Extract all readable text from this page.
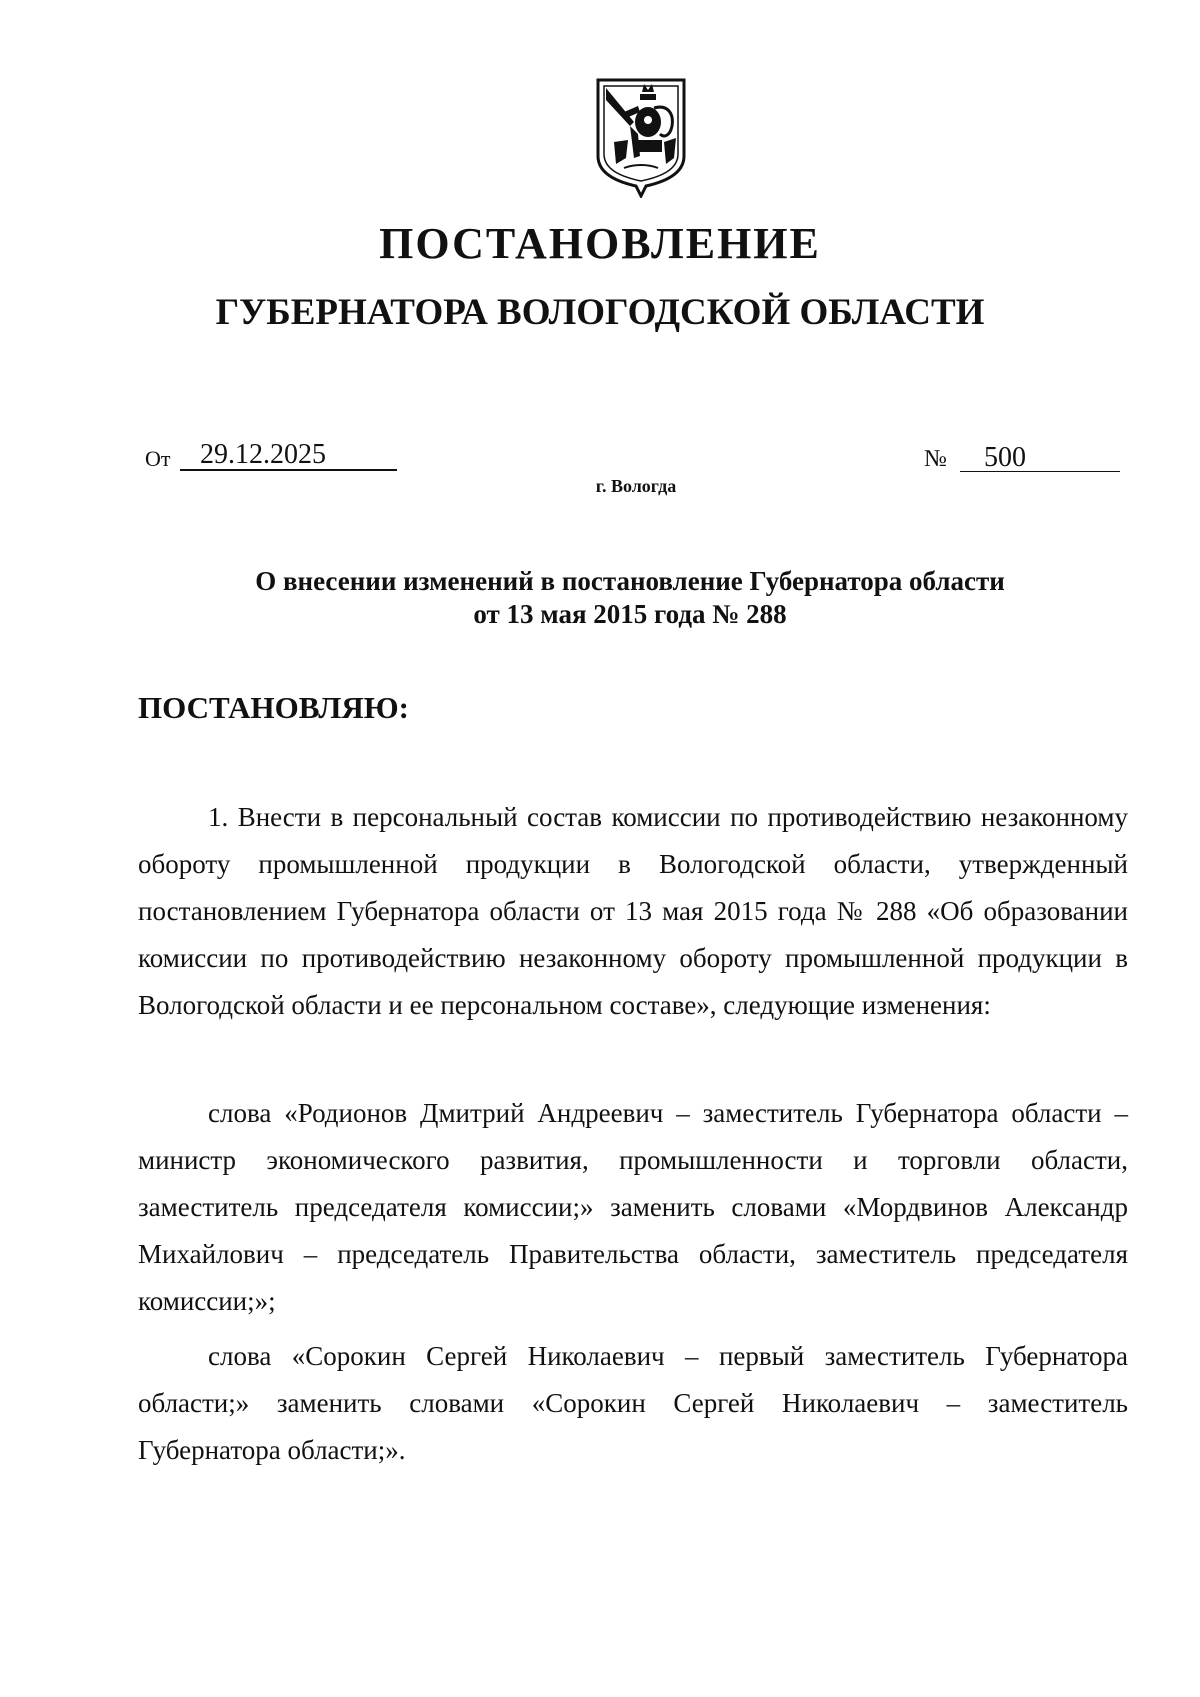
ПОСТАНОВЛЕНИЕ
ГУБЕРНАТОРА ВОЛОГОДСКОЙ ОБЛАСТИ
От 29.12.2025	№ 500
г. Вологда
О внесении изменений в постановление Губернатора области
от 13 мая 2015 года № 288
ПОСТАНОВЛЯЮ:

1. Внести в персональный состав комиссии по противодействию незаконному обороту промышленной продукции в Вологодской области, утвержденный постановлением Губернатора области от 13 мая 2015 года № 288 «Об образовании комиссии по противодействию незаконному обороту промышленной продукции в Вологодской области и ее персональном составе», следующие изменения:

слова «Родионов Дмитрий Андреевич – заместитель Губернатора области – министр экономического развития, промышленности и торговли области, заместитель председателя комиссии;» заменить словами «Мордвинов Александр Михайлович – председатель Правительства области, заместитель председателя комиссии;»;

слова «Сорокин Сергей Николаевич – первый заместитель Губернатора области;» заменить словами «Сорокин Сергей Николаевич – заместитель Губернатора области;».
